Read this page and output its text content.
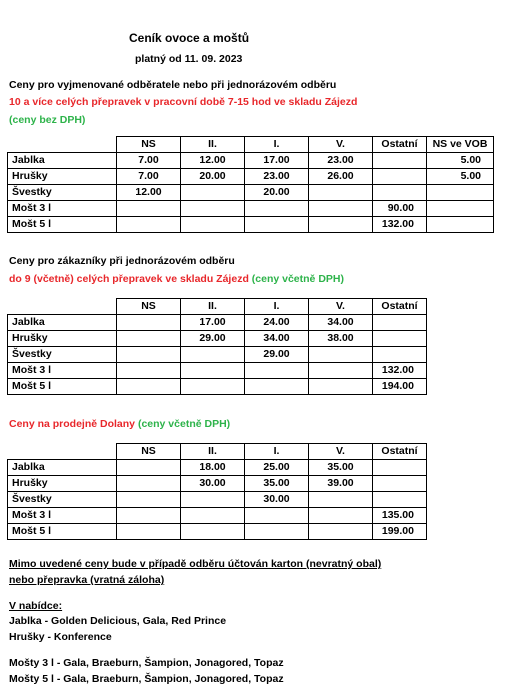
Ceník ovoce a moštů
platný od 11. 09. 2023
Ceny pro vyjmenované odběratele nebo při jednorázovém odběru
10 a více celých přepravek v pracovní době 7-15 hod ve skladu Zájezd
(ceny bez DPH)
	NS	II.	I.	V.	Ostatní	NS ve VOB
Jablka	7.00	12.00	17.00	23.00		5.00
Hrušky	7.00	20.00	23.00	26.00		5.00
Švestky	12.00		20.00			
Mošt 3 l					90.00	
Mošt 5 l					132.00	
Ceny pro zákazníky při jednorázovém odběru
do 9 (včetně) celých přepravek ve skladu Zájezd (ceny včetně DPH)
	NS	II.	I.	V.	Ostatní
Jablka		17.00	24.00	34.00	
Hrušky		29.00	34.00	38.00	
Švestky			29.00		
Mošt 3 l					132.00
Mošt 5 l					194.00
Ceny na prodejně Dolany (ceny včetně DPH)
	NS	II.	I.	V.	Ostatní
Jablka		18.00	25.00	35.00	
Hrušky		30.00	35.00	39.00	
Švestky			30.00		
Mošt 3 l					135.00
Mošt 5 l					199.00
Mimo uvedené ceny bude v případě odběru účtován karton (nevratný obal)
nebo přepravka (vratná záloha)
V nabídce:
Jablka - Golden Delicious, Gala, Red Prince
Hrušky - Konference
Mošty 3 l - Gala, Braeburn, Šampion, Jonagored, Topaz
Mošty 5 l - Gala, Braeburn, Šampion, Jonagored, Topaz
